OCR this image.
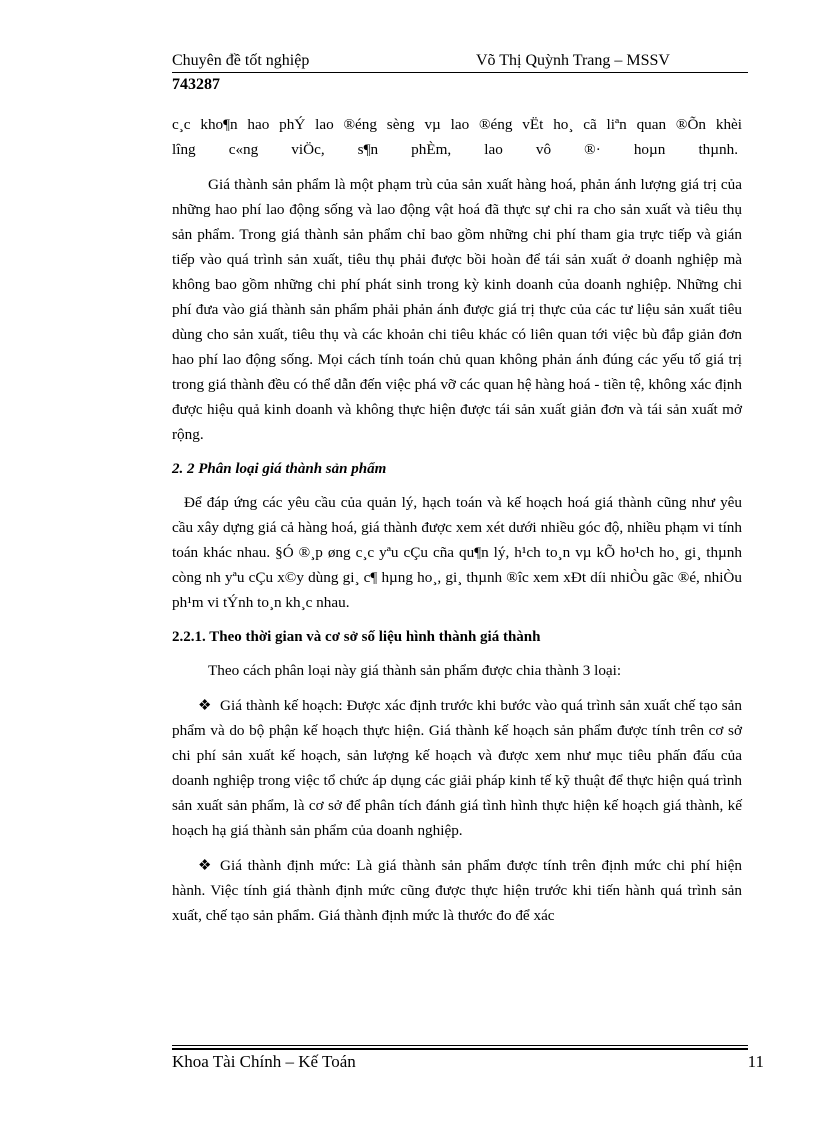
Chuyên đề tốt nghiệp	Võ Thị Quỳnh Trang – MSSV
743287

c¸c kho¶n hao phÝ lao ®éng sèng vµ lao ®éng vËt ho¸ cã liªn quan ®Õn khèi

lîng c«ng viÖc, s¶n phÈm, lao vô ®· hoµn thµnh.

Giá thành sản phẩm là một phạm trù của sản xuất hàng hoá, phản ánh lượng giá trị của những hao phí lao động sống và lao động vật hoá đã thực sự chi ra cho sản xuất và tiêu thụ sản phẩm. Trong giá thành sản phẩm chỉ bao gồm những chi phí tham gia trực tiếp và gián tiếp vào quá trình sản xuất, tiêu thụ phải được bồi hoàn để tái sản xuất ở doanh nghiệp mà không bao gồm những chi phí phát sinh trong kỳ kinh doanh của doanh nghiệp. Những chi phí đưa vào giá thành sản phẩm phải phản ánh được giá trị thực của các tư liệu sản xuất tiêu dùng cho sản xuất, tiêu thụ và các khoản chi tiêu khác có liên quan tới việc bù đắp giản đơn hao phí lao động sống. Mọi cách tính toán chủ quan không phản ánh đúng các yếu tố giá trị trong giá thành đều có thể dẫn đến việc phá vỡ các quan hệ hàng hoá - tiền tệ, không xác định được hiệu quả kinh doanh và không thực hiện được tái sản xuất giản đơn và tái sản xuất mở rộng.

2. 2 Phân loại giá thành sản phẩm

Để đáp ứng các yêu cầu của quản lý, hạch toán và kế hoạch hoá giá thành cũng như yêu cầu xây dựng giá cả hàng hoá, giá thành được xem xét dưới nhiều góc độ, nhiều phạm vi tính toán khác nhau. §Ó ®¸p øng c¸c yªu cÇu cña qu¶n lý, h¹ch to¸n vµ kÕ ho¹ch ho¸ gi¸ thµnh còng nh yªu cÇu x©y dùng gi¸ c¶ hµng ho¸, gi¸ thµnh ®îc xem xÐt díi nhiÒu gãc ®é, nhiÒu ph¹m vi tÝnh to¸n kh¸c nhau.

2.2.1. Theo thời gian và cơ sở số liệu hình thành giá thành

Theo cách phân loại này giá thành sản phẩm được chia thành 3 loại:

❖ Giá thành kế hoạch: Được xác định trước khi bước vào quá trình sản xuất chế tạo sản phẩm và do bộ phận kế hoạch thực hiện. Giá thành kế hoạch sản phẩm được tính trên cơ sở chi phí sản xuất kế hoạch, sản lượng kế hoạch và được xem như mục tiêu phấn đấu của doanh nghiệp trong việc tổ chức áp dụng các giải pháp kinh tế kỹ thuật để thực hiện quá trình sản xuất sản phẩm, là cơ sở để phân tích đánh giá tình hình thực hiện kế hoạch giá thành, kế hoạch hạ giá thành sản phẩm của doanh nghiệp.

❖ Giá thành định mức: Là giá thành sản phẩm được tính trên định mức chi phí hiện hành. Việc tính giá thành định mức cũng được thực hiện trước khi tiến hành quá trình sản xuất, chế tạo sản phẩm. Giá thành định mức là thước đo để xác

Khoa Tài Chính – Kế Toán	11
